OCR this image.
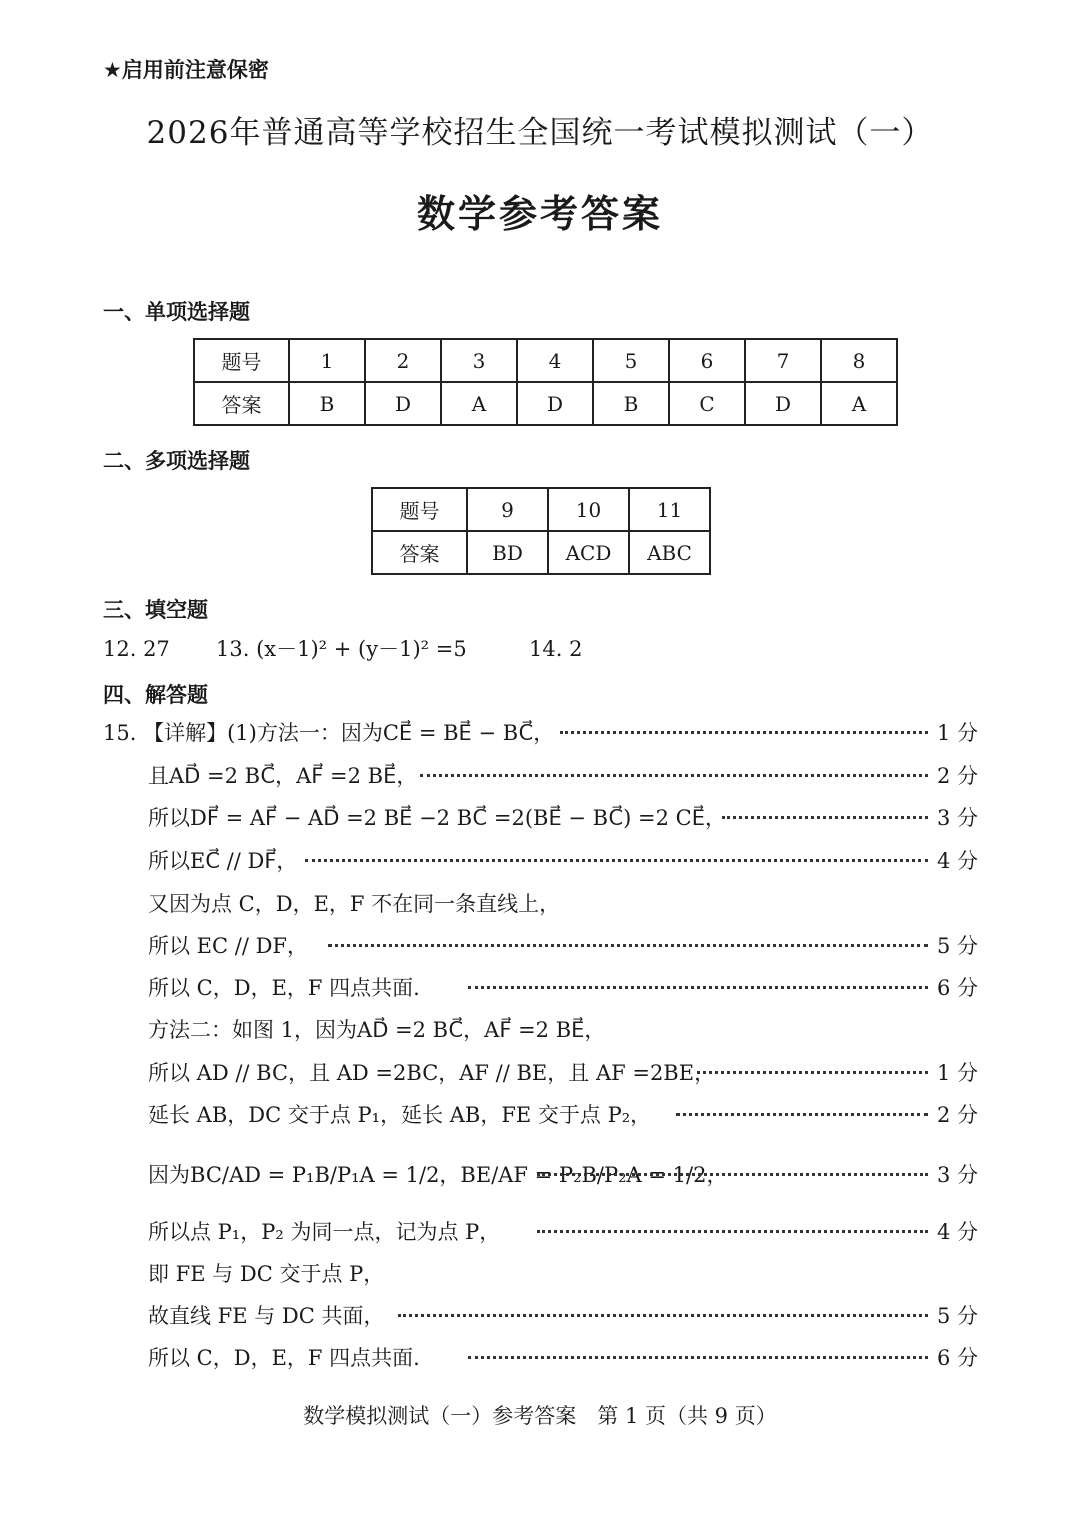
★启用前注意保密
2026年普通高等学校招生全国统一考试模拟测试（一）
数学参考答案
一、单项选择题
题号	1	2	3	4	5	6	7	8
答案	B	D	A	D	B	C	D	A
二、多项选择题
题号	9	10	11
答案	BD	ACD	ABC
三、填空题
12. 27 13. (x－1)² + (y－1)² =5	14. 2
四、解答题
15. 【详解】(1)方法一：因为CE⃗ = BE⃗ − BC⃗，	1 分
且AD⃗ =2 BC⃗，AF⃗ =2 BE⃗，	2 分
所以DF⃗ = AF⃗ − AD⃗ =2 BE⃗ −2 BC⃗ =2(BE⃗ − BC⃗) =2 CE⃗，	3 分
所以EC⃗ // DF⃗，	4 分
又因为点 C，D，E，F 不在同一条直线上，
所以 EC // DF，	5 分
所以 C，D，E，F 四点共面.	6 分
方法二：如图 1，因为AD⃗ =2 BC⃗，AF⃗ =2 BE⃗，
所以 AD // BC，且 AD =2BC，AF // BE，且 AF =2BE，	1 分
延长 AB，DC 交于点 P₁，延长 AB，FE 交于点 P₂，	2 分
因为BC/AD = P₁B/P₁A = 1/2，BE/AF = P₂B/P₂A = 1/2，	3 分
所以点 P₁，P₂ 为同一点，记为点 P，	4 分
即 FE 与 DC 交于点 P，
故直线 FE 与 DC 共面，	5 分
所以 C，D，E，F 四点共面.	6 分
数学模拟测试（一）参考答案　第 1 页（共 9 页）
